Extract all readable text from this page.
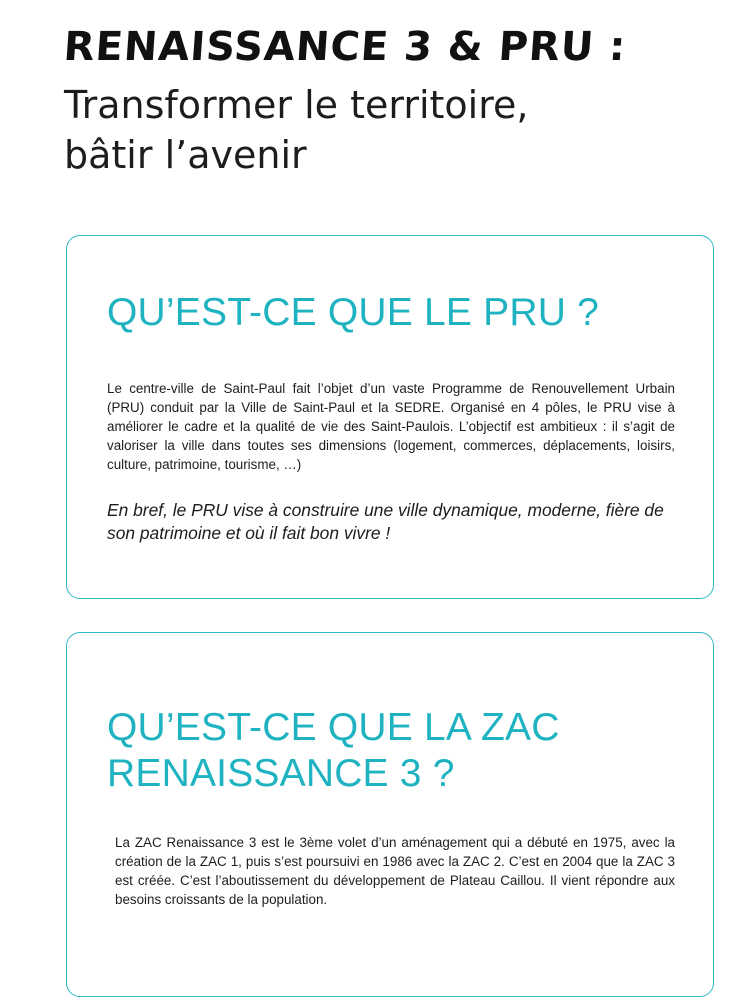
RENAISSANCE 3 & PRU :
Transformer le territoire,
bâtir l’avenir
QU’EST-CE QUE LE PRU ?

Le centre-ville de Saint-Paul fait l’objet d’un vaste Programme de Renouvellement Urbain (PRU) conduit par la Ville de Saint-Paul et la SEDRE. Organisé en 4 pôles, le PRU vise à améliorer le cadre et la qualité de vie des Saint-Paulois. L’objectif est ambitieux : il s’agit de valoriser la ville dans toutes ses dimensions (logement, commerces, déplacements, loisirs, culture, patrimoine, tourisme, …)

En bref, le PRU vise à construire une ville dynamique, moderne, fière de son patrimoine et où il fait bon vivre !

QU’EST-CE QUE LA ZAC
RENAISSANCE 3 ?

La ZAC Renaissance 3 est le 3ème volet d’un aménagement qui a débuté en 1975, avec la création de la ZAC 1, puis s’est poursuivi en 1986 avec la ZAC 2. C’est en 2004 que la ZAC 3 est créée. C’est l’aboutissement du développement de Plateau Caillou. Il vient répondre aux besoins croissants de la population.
